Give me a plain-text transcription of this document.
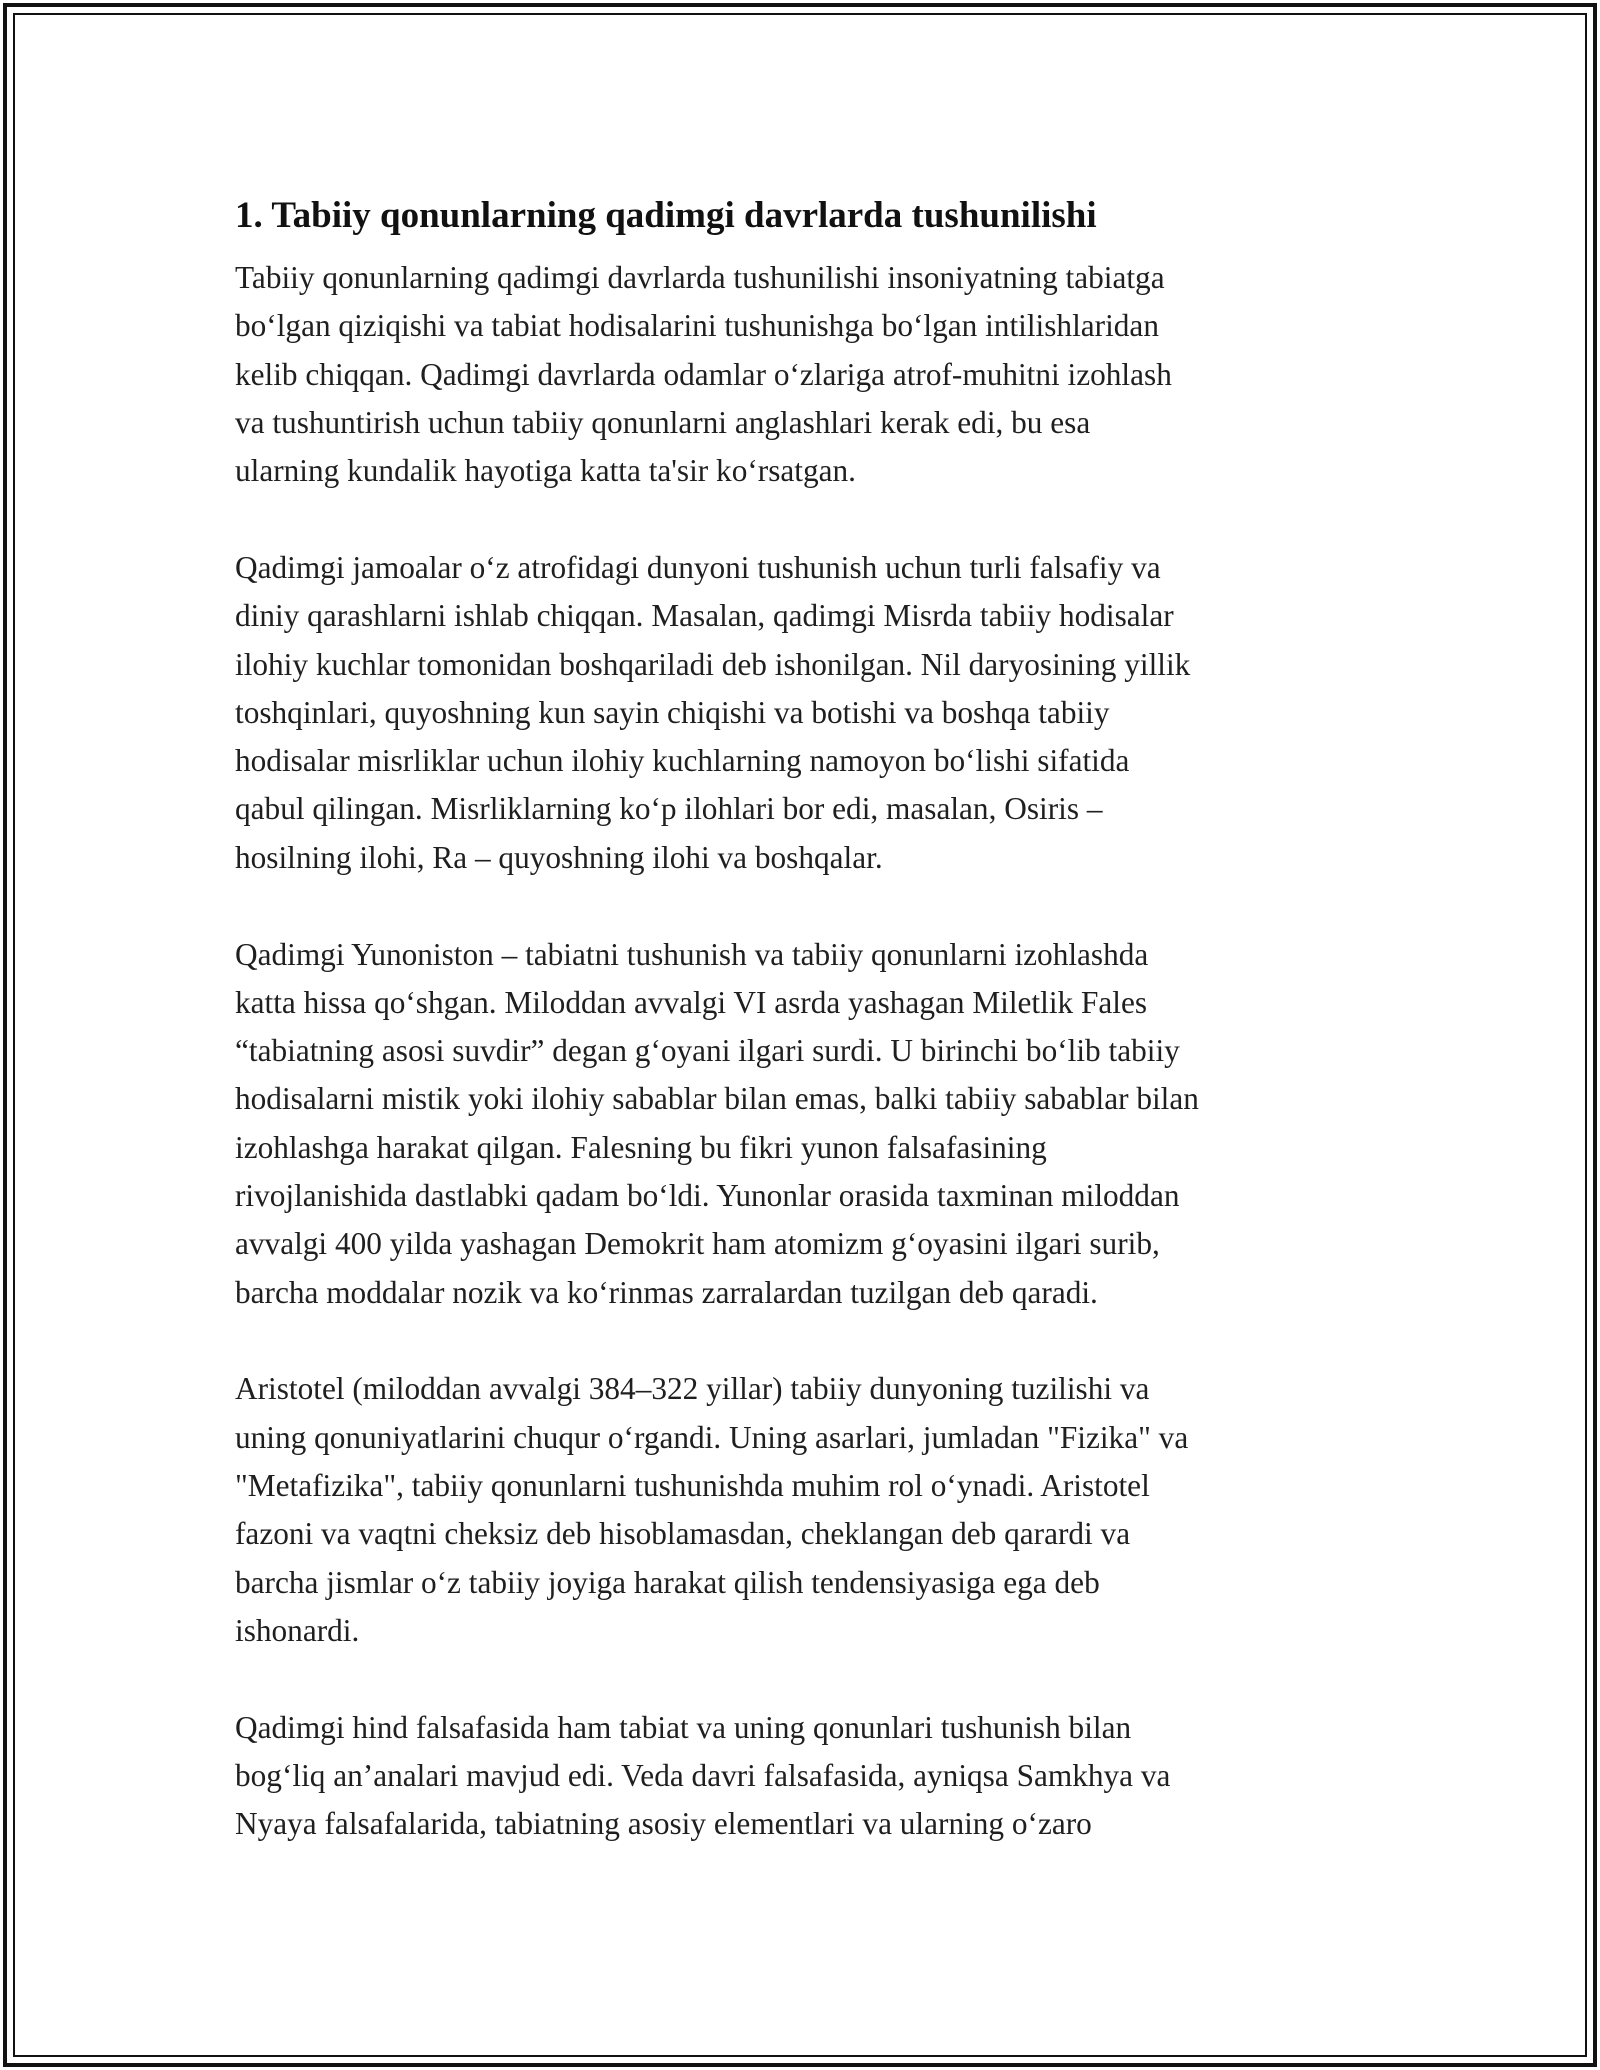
1. Tabiiy qonunlarning qadimgi davrlarda tushunilishi

Tabiiy qonunlarning qadimgi davrlarda tushunilishi insoniyatning tabiatga
bo‘lgan qiziqishi va tabiat hodisalarini tushunishga bo‘lgan intilishlaridan
kelib chiqqan. Qadimgi davrlarda odamlar o‘zlariga atrof-muhitni izohlash
va tushuntirish uchun tabiiy qonunlarni anglashlari kerak edi, bu esa
ularning kundalik hayotiga katta ta'sir ko‘rsatgan.

Qadimgi jamoalar o‘z atrofidagi dunyoni tushunish uchun turli falsafiy va
diniy qarashlarni ishlab chiqqan. Masalan, qadimgi Misrda tabiiy hodisalar
ilohiy kuchlar tomonidan boshqariladi deb ishonilgan. Nil daryosining yillik
toshqinlari, quyoshning kun sayin chiqishi va botishi va boshqa tabiiy
hodisalar misrliklar uchun ilohiy kuchlarning namoyon bo‘lishi sifatida
qabul qilingan. Misrliklarning ko‘p ilohlari bor edi, masalan, Osiris –
hosilning ilohi, Ra – quyoshning ilohi va boshqalar.

Qadimgi Yunoniston – tabiatni tushunish va tabiiy qonunlarni izohlashda
katta hissa qo‘shgan. Miloddan avvalgi VI asrda yashagan Miletlik Fales
“tabiatning asosi suvdir” degan g‘oyani ilgari surdi. U birinchi bo‘lib tabiiy
hodisalarni mistik yoki ilohiy sabablar bilan emas, balki tabiiy sabablar bilan
izohlashga harakat qilgan. Falesning bu fikri yunon falsafasining
rivojlanishida dastlabki qadam bo‘ldi. Yunonlar orasida taxminan miloddan
avvalgi 400 yilda yashagan Demokrit ham atomizm g‘oyasini ilgari surib,
barcha moddalar nozik va ko‘rinmas zarralardan tuzilgan deb qaradi.

Aristotel (miloddan avvalgi 384–322 yillar) tabiiy dunyoning tuzilishi va
uning qonuniyatlarini chuqur o‘rgandi. Uning asarlari, jumladan "Fizika" va
"Metafizika", tabiiy qonunlarni tushunishda muhim rol o‘ynadi. Aristotel
fazoni va vaqtni cheksiz deb hisoblamasdan, cheklangan deb qarardi va
barcha jismlar o‘z tabiiy joyiga harakat qilish tendensiyasiga ega deb
ishonardi.

Qadimgi hind falsafasida ham tabiat va uning qonunlari tushunish bilan
bog‘liq an’analari mavjud edi. Veda davri falsafasida, ayniqsa Samkhya va
Nyaya falsafalarida, tabiatning asosiy elementlari va ularning o‘zaro
